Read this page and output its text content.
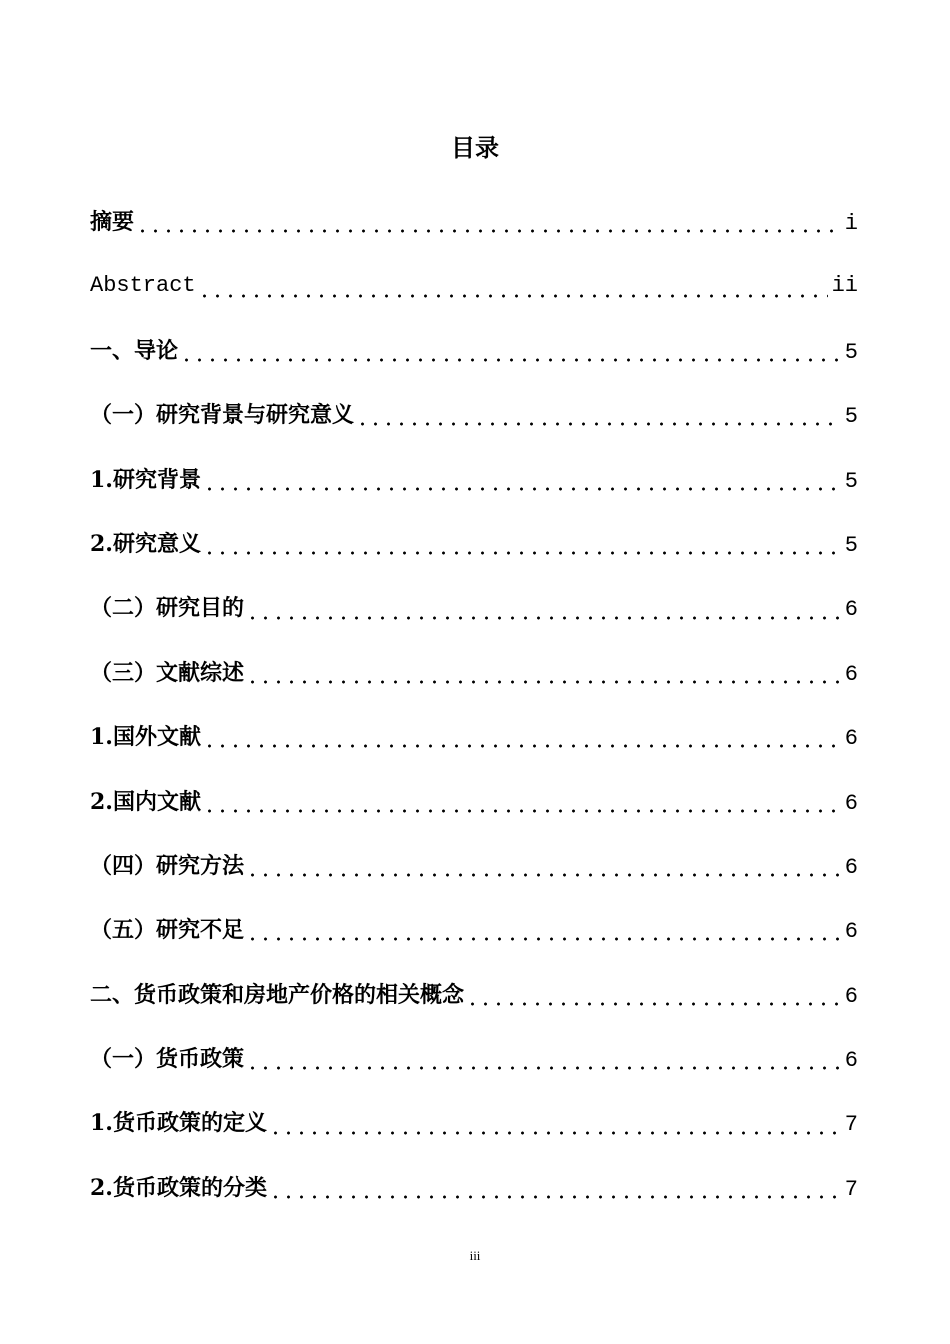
目录
摘要	i
Abstract	ii
一、导论	5
（一）研究背景与研究意义	5
1.研究背景	5
2.研究意义	5
（二）研究目的	6
（三）文献综述	6
1.国外文献	6
2.国内文献	6
（四）研究方法	6
（五）研究不足	6
二、货币政策和房地产价格的相关概念	6
（一）货币政策	6
1.货币政策的定义	7
2.货币政策的分类	7
iii
